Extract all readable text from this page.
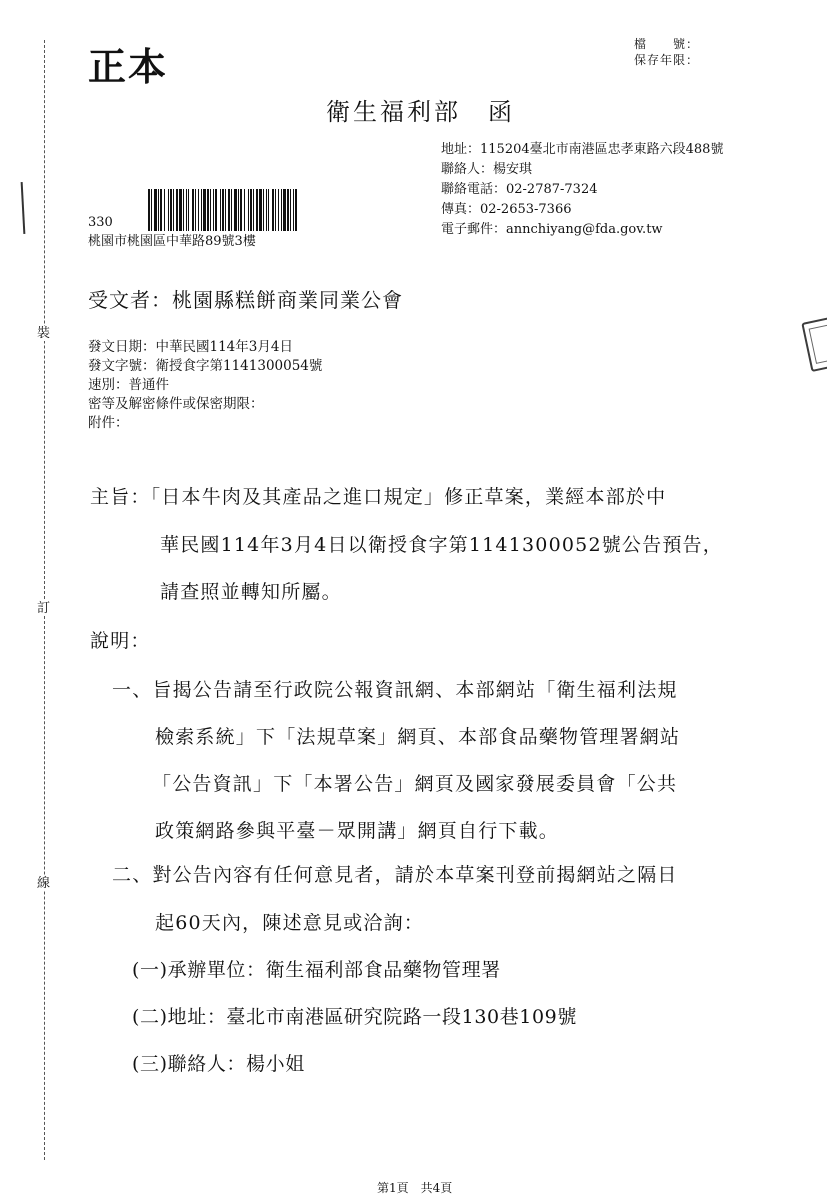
裝
訂
線
正本	檔　　號：
保存年限：
衛生福利部　函
地址：115204臺北市南港區忠孝東路六段488號
聯絡人：楊安琪
聯絡電話：02-2787-7324
傳真：02-2653-7366
電子郵件：annchiyang@fda.gov.tw
330
桃園市桃園區中華路89號3樓
受文者：桃園縣糕餅商業同業公會
發文日期：中華民國114年3月4日
發文字號：衛授食字第1141300054號
速別：普通件
密等及解密條件或保密期限：
附件：
主旨：「日本牛肉及其產品之進口規定」修正草案，業經本部於中
華民國114年3月4日以衛授食字第1141300052號公告預告，
請查照並轉知所屬。
說明：
一、旨揭公告請至行政院公報資訊網、本部網站「衛生福利法規
檢索系統」下「法規草案」網頁、本部食品藥物管理署網站
「公告資訊」下「本署公告」網頁及國家發展委員會「公共
政策網路參與平臺－眾開講」網頁自行下載。
二、對公告內容有任何意見者，請於本草案刊登前揭網站之隔日
起60天內，陳述意見或洽詢：
(一)承辦單位：衛生福利部食品藥物管理署
(二)地址：臺北市南港區研究院路一段130巷109號
(三)聯絡人：楊小姐
第1頁　共4頁
